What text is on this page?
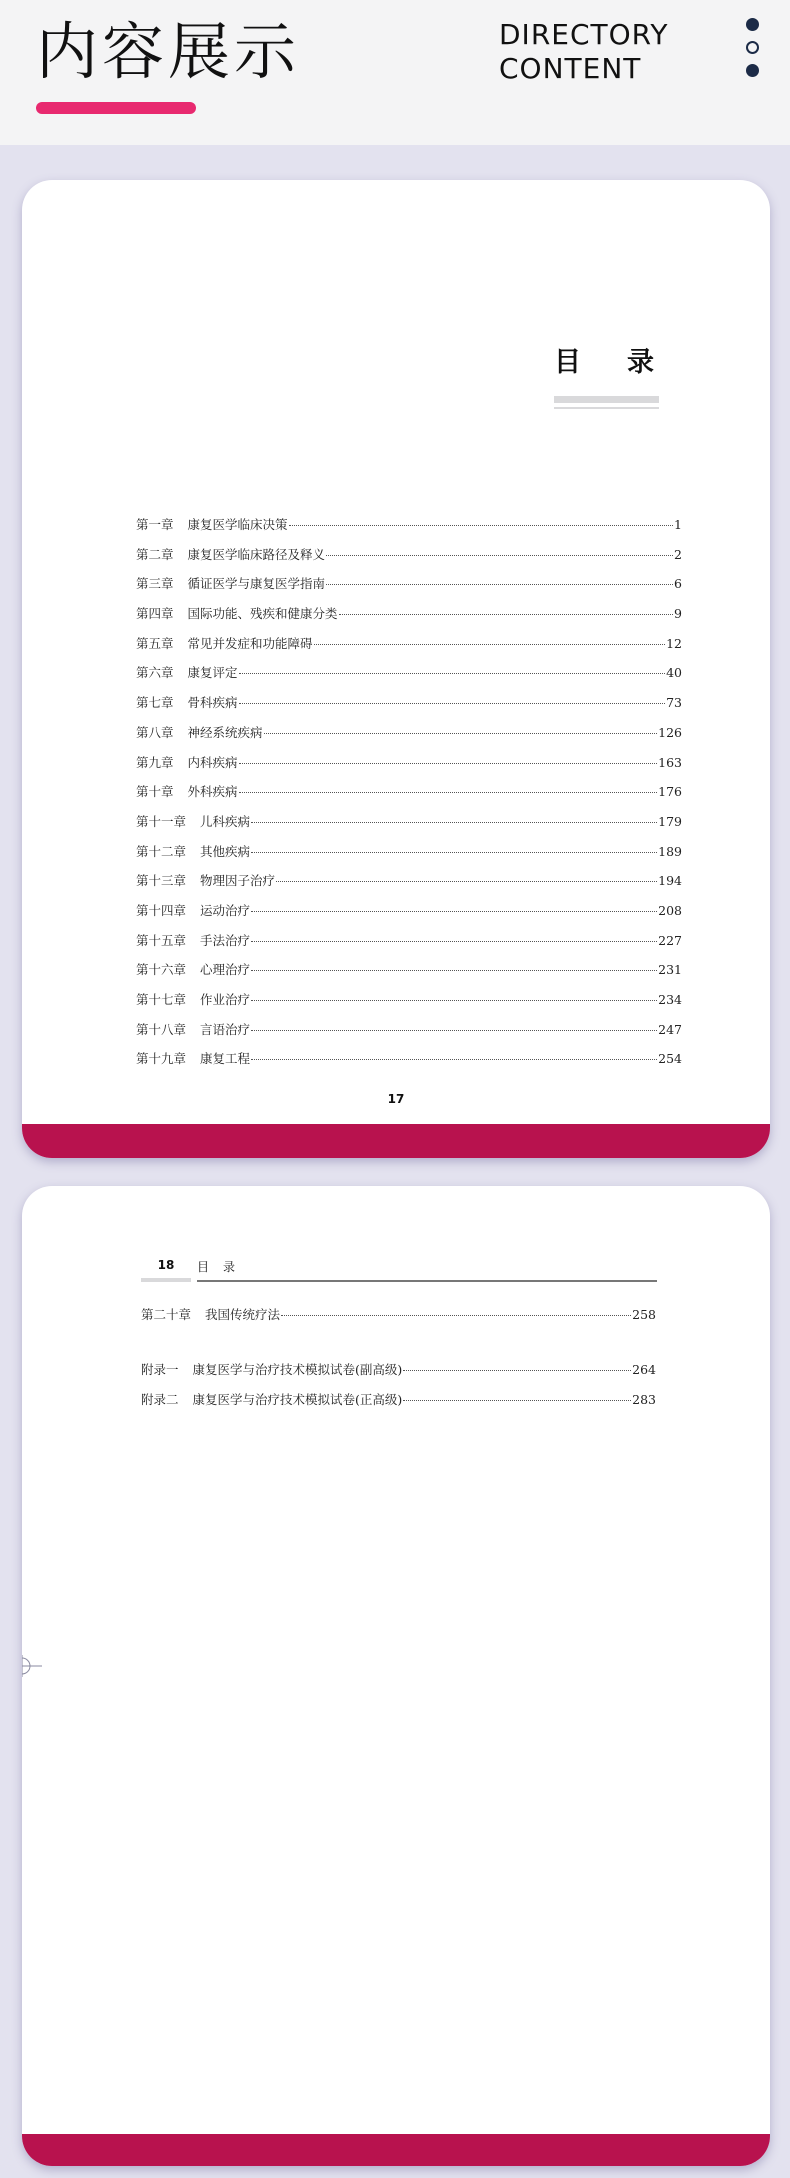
内容展示	DIRECTORY
CONTENT
目录
第一章 康复医学临床决策	1
第二章 康复医学临床路径及释义	2
第三章 循证医学与康复医学指南	6
第四章 国际功能、残疾和健康分类	9
第五章 常见并发症和功能障碍	12
第六章 康复评定	40
第七章 骨科疾病	73
第八章 神经系统疾病	126
第九章 内科疾病	163
第十章 外科疾病	176
第十一章 儿科疾病	179
第十二章 其他疾病	189
第十三章 物理因子治疗	194
第十四章 运动治疗	208
第十五章 手法治疗	227
第十六章 心理治疗	231
第十七章 作业治疗	234
第十八章 言语治疗	247
第十九章 康复工程	254
17
18	目录
第二十章 我国传统疗法	258
附录一 康复医学与治疗技术模拟试卷(副高级)	264
附录二 康复医学与治疗技术模拟试卷(正高级)	283
